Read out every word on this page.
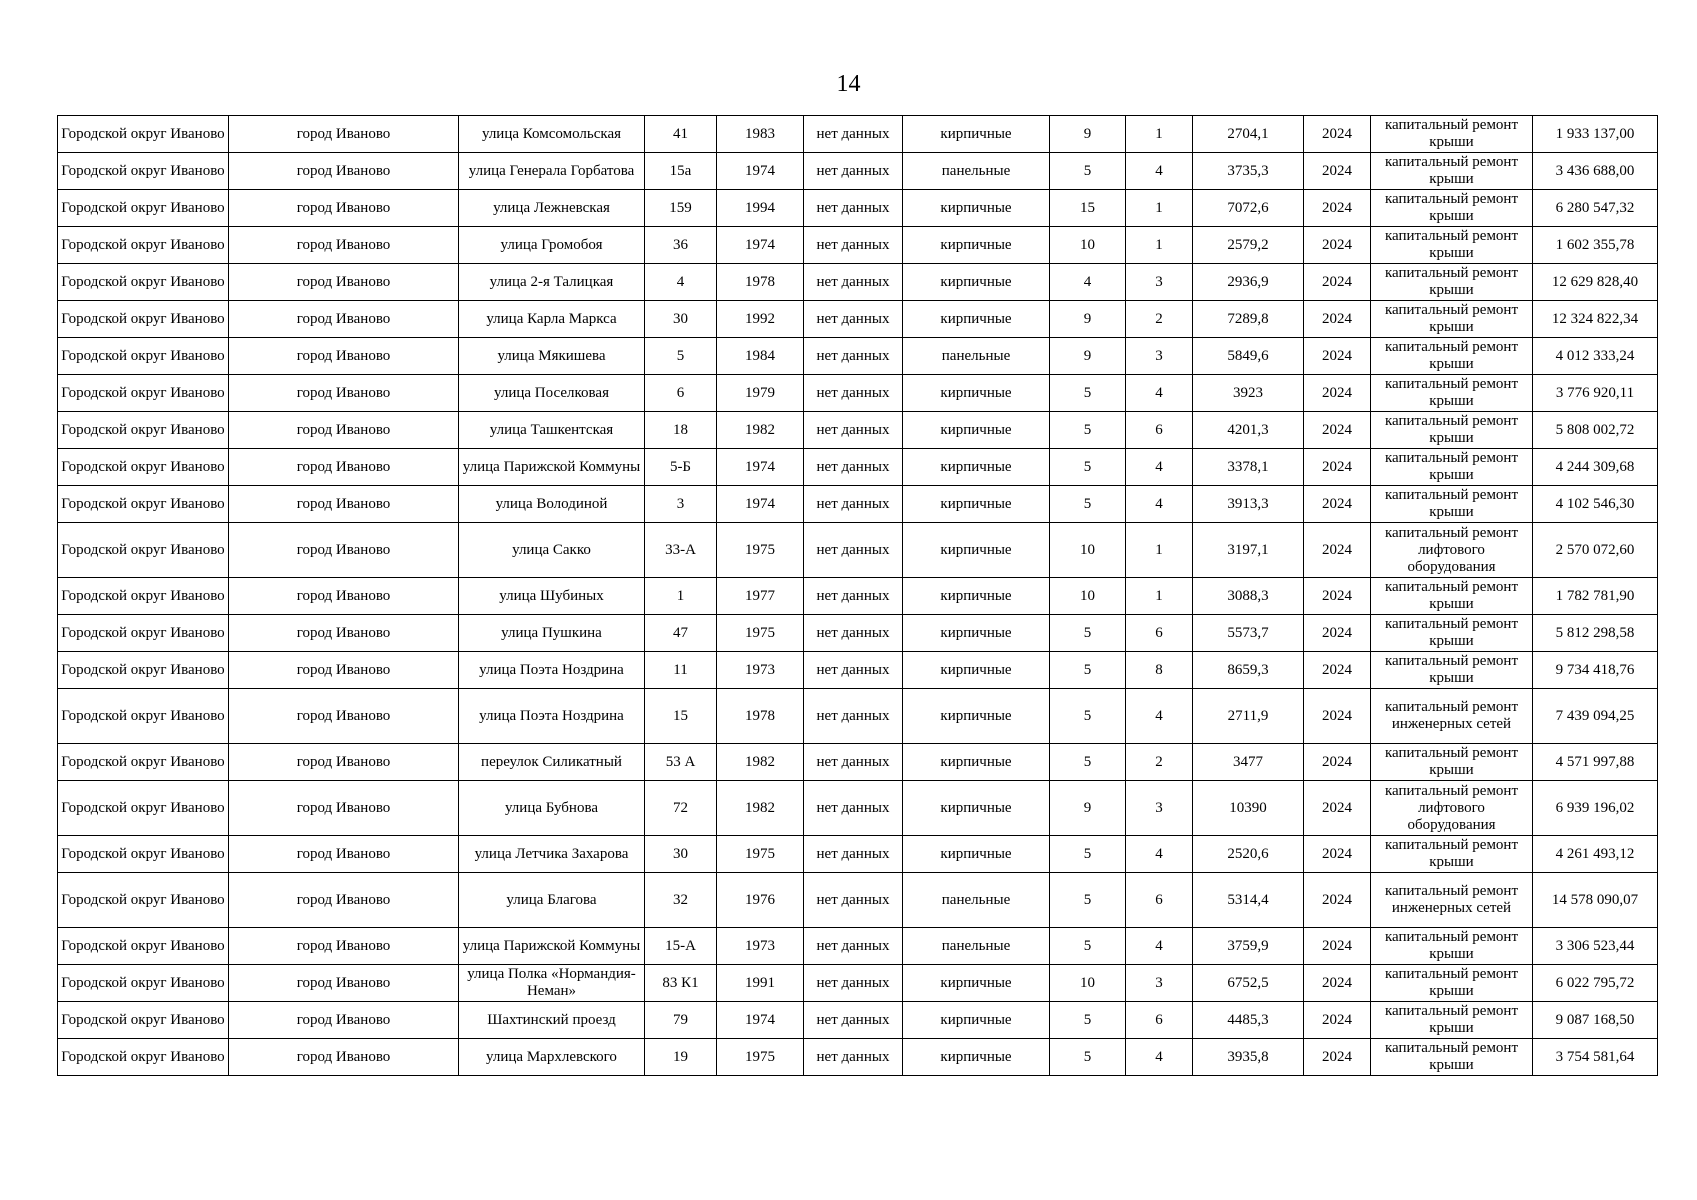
14
Городской округ Иваново	город Иваново	улица Комсомольская	41	1983	нет данных	кирпичные	9	1	2704,1	2024	капитальный ремонт крыши	1 933 137,00
Городской округ Иваново	город Иваново	улица Генерала Горбатова	15а	1974	нет данных	панельные	5	4	3735,3	2024	капитальный ремонт крыши	3 436 688,00
Городской округ Иваново	город Иваново	улица Лежневская	159	1994	нет данных	кирпичные	15	1	7072,6	2024	капитальный ремонт крыши	6 280 547,32
Городской округ Иваново	город Иваново	улица Громобоя	36	1974	нет данных	кирпичные	10	1	2579,2	2024	капитальный ремонт крыши	1 602 355,78
Городской округ Иваново	город Иваново	улица 2-я Талицкая	4	1978	нет данных	кирпичные	4	3	2936,9	2024	капитальный ремонт крыши	12 629 828,40
Городской округ Иваново	город Иваново	улица Карла Маркса	30	1992	нет данных	кирпичные	9	2	7289,8	2024	капитальный ремонт крыши	12 324 822,34
Городской округ Иваново	город Иваново	улица Мякишева	5	1984	нет данных	панельные	9	3	5849,6	2024	капитальный ремонт крыши	4 012 333,24
Городской округ Иваново	город Иваново	улица Поселковая	6	1979	нет данных	кирпичные	5	4	3923	2024	капитальный ремонт крыши	3 776 920,11
Городской округ Иваново	город Иваново	улица Ташкентская	18	1982	нет данных	кирпичные	5	6	4201,3	2024	капитальный ремонт крыши	5 808 002,72
Городской округ Иваново	город Иваново	улица Парижской Коммуны	5-Б	1974	нет данных	кирпичные	5	4	3378,1	2024	капитальный ремонт крыши	4 244 309,68
Городской округ Иваново	город Иваново	улица Володиной	3	1974	нет данных	кирпичные	5	4	3913,3	2024	капитальный ремонт крыши	4 102 546,30
Городской округ Иваново	город Иваново	улица Сакко	33-А	1975	нет данных	кирпичные	10	1	3197,1	2024	капитальный ремонт лифтового оборудования	2 570 072,60
Городской округ Иваново	город Иваново	улица Шубиных	1	1977	нет данных	кирпичные	10	1	3088,3	2024	капитальный ремонт крыши	1 782 781,90
Городской округ Иваново	город Иваново	улица Пушкина	47	1975	нет данных	кирпичные	5	6	5573,7	2024	капитальный ремонт крыши	5 812 298,58
Городской округ Иваново	город Иваново	улица Поэта Ноздрина	11	1973	нет данных	кирпичные	5	8	8659,3	2024	капитальный ремонт крыши	9 734 418,76
Городской округ Иваново	город Иваново	улица Поэта Ноздрина	15	1978	нет данных	кирпичные	5	4	2711,9	2024	капитальный ремонт инженерных сетей	7 439 094,25
Городской округ Иваново	город Иваново	переулок Силикатный	53 А	1982	нет данных	кирпичные	5	2	3477	2024	капитальный ремонт крыши	4 571 997,88
Городской округ Иваново	город Иваново	улица Бубнова	72	1982	нет данных	кирпичные	9	3	10390	2024	капитальный ремонт лифтового оборудования	6 939 196,02
Городской округ Иваново	город Иваново	улица Летчика Захарова	30	1975	нет данных	кирпичные	5	4	2520,6	2024	капитальный ремонт крыши	4 261 493,12
Городской округ Иваново	город Иваново	улица Благова	32	1976	нет данных	панельные	5	6	5314,4	2024	капитальный ремонт инженерных сетей	14 578 090,07
Городской округ Иваново	город Иваново	улица Парижской Коммуны	15-А	1973	нет данных	панельные	5	4	3759,9	2024	капитальный ремонт крыши	3 306 523,44
Городской округ Иваново	город Иваново	улица Полка «Нормандия-Неман»	83 К1	1991	нет данных	кирпичные	10	3	6752,5	2024	капитальный ремонт крыши	6 022 795,72
Городской округ Иваново	город Иваново	Шахтинский проезд	79	1974	нет данных	кирпичные	5	6	4485,3	2024	капитальный ремонт крыши	9 087 168,50
Городской округ Иваново	город Иваново	улица Мархлевского	19	1975	нет данных	кирпичные	5	4	3935,8	2024	капитальный ремонт крыши	3 754 581,64
